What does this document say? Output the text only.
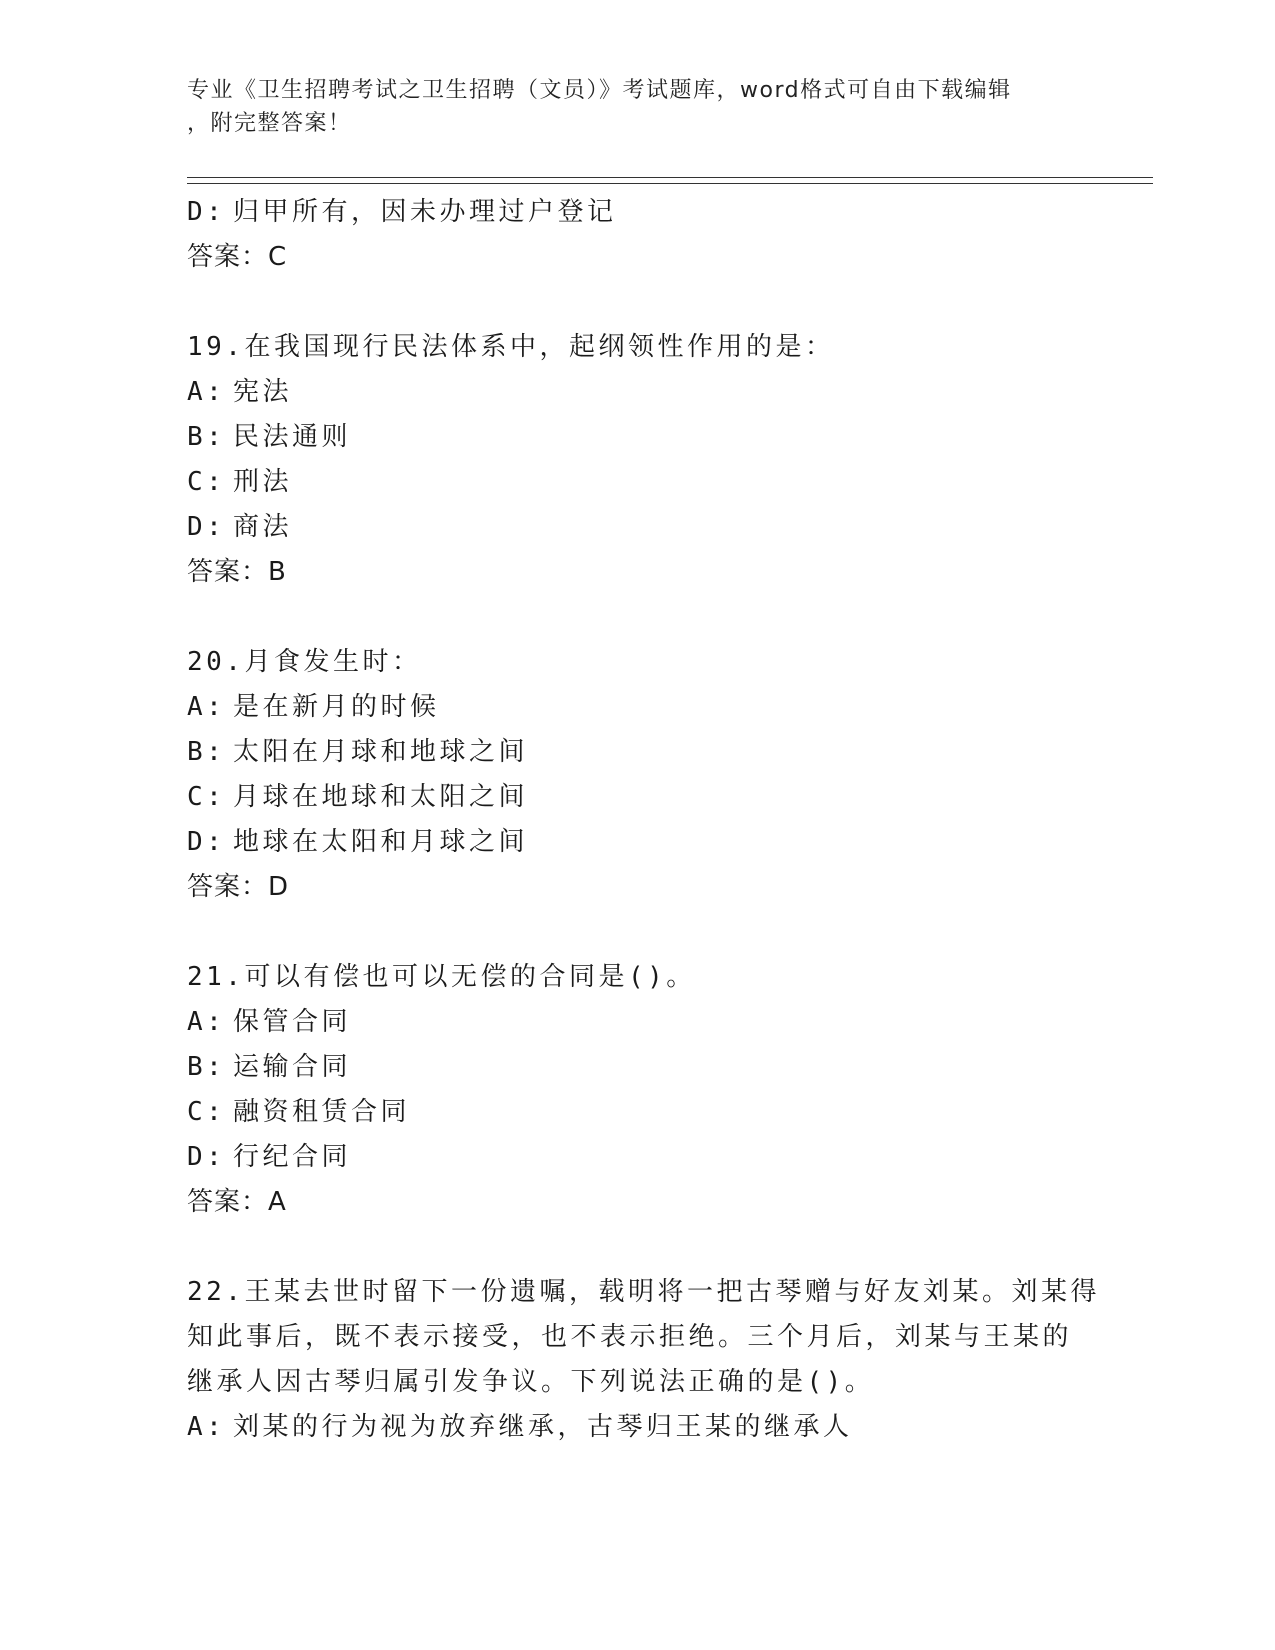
专业《卫生招聘考试之卫生招聘（文员）》考试题库，word格式可自由下载编辑
，附完整答案！
D: 归甲所有，因未办理过户登记
答案：C
19.在我国现行民法体系中，起纲领性作用的是：
A: 宪法
B: 民法通则
C: 刑法
D: 商法
答案：B
20.月食发生时：
A: 是在新月的时候
B: 太阳在月球和地球之间
C: 月球在地球和太阳之间
D: 地球在太阳和月球之间
答案：D
21.可以有偿也可以无偿的合同是()。
A: 保管合同
B: 运输合同
C: 融资租赁合同
D: 行纪合同
答案：A
22.王某去世时留下一份遗嘱，载明将一把古琴赠与好友刘某。刘某得
知此事后，既不表示接受，也不表示拒绝。三个月后，刘某与王某的
继承人因古琴归属引发争议。下列说法正确的是()。
A: 刘某的行为视为放弃继承，古琴归王某的继承人
